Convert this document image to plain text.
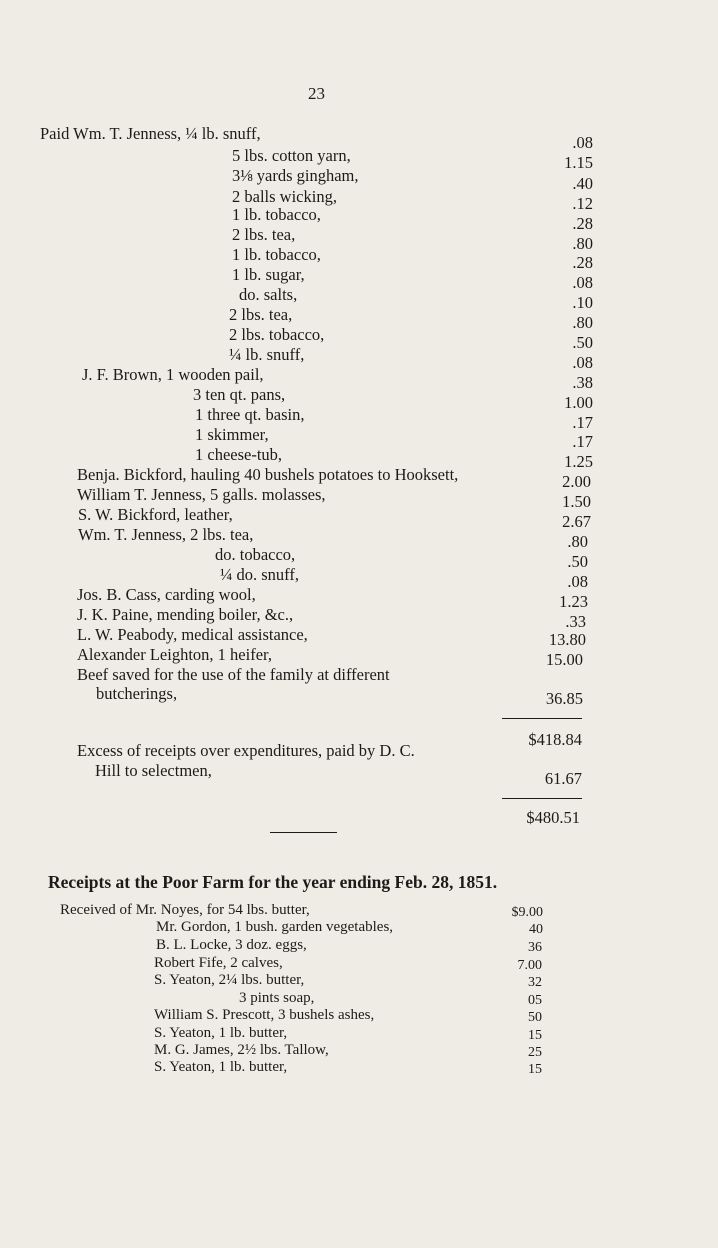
23
Paid Wm. T. Jenness, ¼ lb. snuff,	.08
5 lbs. cotton yarn,	1.15
3⅛ yards gingham,	.40
2 balls wicking,	.12
1 lb. tobacco,	.28
2 lbs. tea,	.80
1 lb. tobacco,	.28
1 lb. sugar,	.08
do. salts,	.10
2 lbs. tea,	.80
2 lbs. tobacco,	.50
¼ lb. snuff,	.08
J. F. Brown, 1 wooden pail,	.38
3 ten qt. pans,	1.00
1 three qt. basin,	.17
1 skimmer,	.17
1 cheese-tub,	1.25
Benja. Bickford, hauling 40 bushels potatoes to Hooksett,	2.00
William T. Jenness, 5 galls. molasses,	1.50
S. W. Bickford, leather,	2.67
Wm. T. Jenness, 2 lbs. tea,	.80
do. tobacco,	.50
¼ do. snuff,	.08
Jos. B. Cass, carding wool,	1.23
J. K. Paine, mending boiler, &c.,	.33
L. W. Peabody, medical assistance,	13.80
Alexander Leighton, 1 heifer,	15.00
Beef saved for the use of the family at different
butcherings,	36.85
$418.84
Excess of receipts over expenditures, paid by D. C.
Hill to selectmen,	61.67
$480.51
Receipts at the Poor Farm for the year ending Feb. 28, 1851.
Received of Mr. Noyes, for 54 lbs. butter,	$9.00
Mr. Gordon, 1 bush. garden vegetables,	40
B. L. Locke, 3 doz. eggs,	36
Robert Fife, 2 calves,	7.00
S. Yeaton, 2¼ lbs. butter,	32
3 pints soap,	05
William S. Prescott, 3 bushels ashes,	50
S. Yeaton, 1 lb. butter,	15
M. G. James, 2½ lbs. Tallow,	25
S. Yeaton, 1 lb. butter,	15
